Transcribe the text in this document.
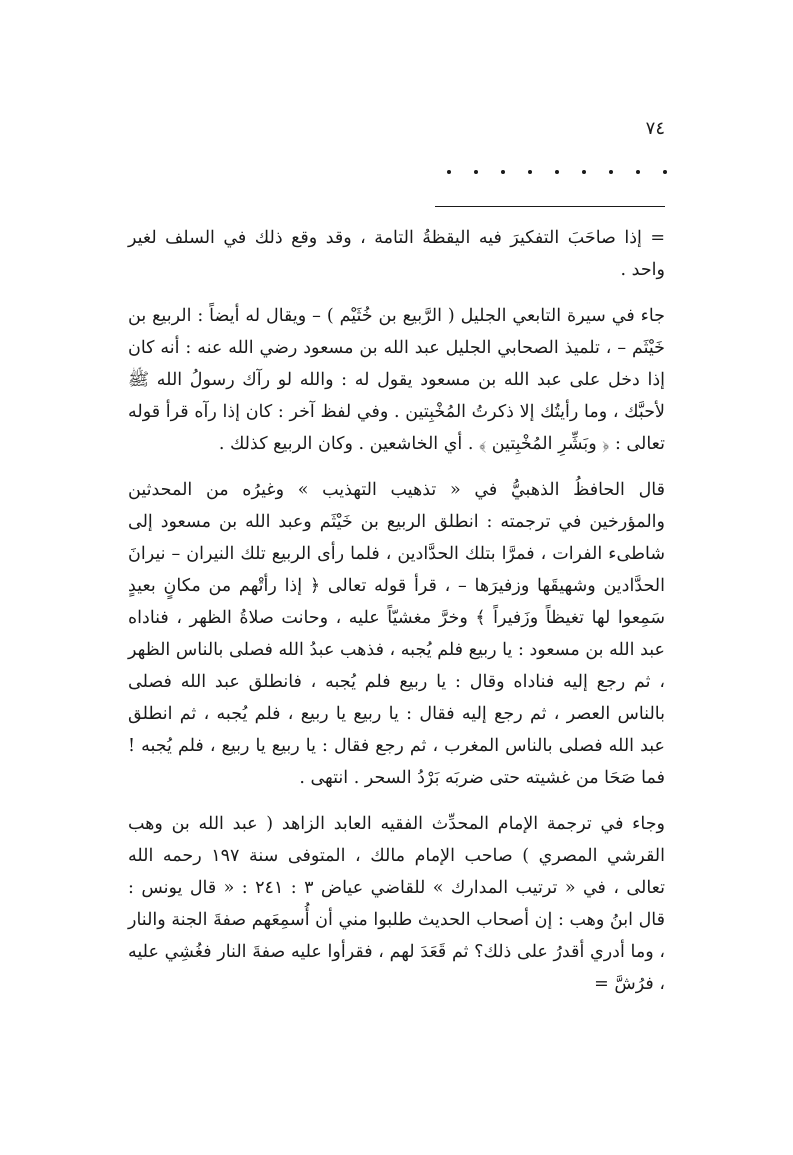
٧٤

= إذا صاحَبَ التفكيرَ فيه اليقظةُ التامة ، وقد وقع ذلك في السلف لغير واحد .

جاء في سيرة التابعي الجليل ( الرَّبيع بن خُثَيْم ) – ويقال له أيضاً : الربيع بن خَيْثَم – ، تلميذ الصحابي الجليل عبد الله بن مسعود رضي الله عنه : أنه كان إذا دخل على عبد الله بن مسعود يقول له : والله لو رآك رسولُ الله ﷺ لأحبَّك ، وما رأيتُك إلا ذكرتُ المُخْبِتين . وفي لفظ آخر : كان إذا رآه قرأ قوله تعالى : ﴿ وبَشِّرِ المُخْبِتين ﴾ . أي الخاشعين . وكان الربيع كذلك .

قال الحافظُ الذهبيُّ في « تذهيب التهذيب » وغيرُه من المحدثين والمؤرخين في ترجمته : انطلق الربيع بن خَيْثَم وعبد الله بن مسعود إلى شاطىء الفرات ، فمرَّا بتلك الحدَّادين ، فلما رأى الربيع تلك النيران – نيرانَ الحدَّادين وشهيقَها وزفيرَها – ، قرأ قوله تعالى ﴿ إذا رأتْهم من مكانٍ بعيدٍ سَمِعوا لها تغيظاً وزَفيراً ﴾ وخرَّ مغشيّاً عليه ، وحانت صلاةُ الظهر ، فناداه عبد الله بن مسعود : يا ربيع فلم يُجبه ، فذهب عبدُ الله فصلى بالناس الظهر ، ثم رجع إليه فناداه وقال : يا ربيع فلم يُجبه ، فانطلق عبد الله فصلى بالناس العصر ، ثم رجع إليه فقال : يا ربيع يا ربيع ، فلم يُجبه ، ثم انطلق عبد الله فصلى بالناس المغرب ، ثم رجع فقال : يا ربيع يا ربيع ، فلم يُجبه ! فما صَحَا من غشيته حتى ضربَه بَرْدُ السحر . انتهى .

وجاء في ترجمة الإمام المحدِّث الفقيه العابد الزاهد ( عبد الله بن وهب القرشي المصري ) صاحب الإمام مالك ، المتوفى سنة ١٩٧ رحمه الله تعالى ، في « ترتيب المدارك » للقاضي عياض ٣ : ٢٤١ : « قال يونس : قال ابنُ وهب : إن أصحاب الحديث طلبوا مني أن أُسمِعَهم صفةَ الجنة والنار ، وما أدري أقدرُ على ذلك؟ ثم قَعَدَ لهم ، فقرأوا عليه صفةَ النار فغُشِي عليه ، فرُشَّ =
